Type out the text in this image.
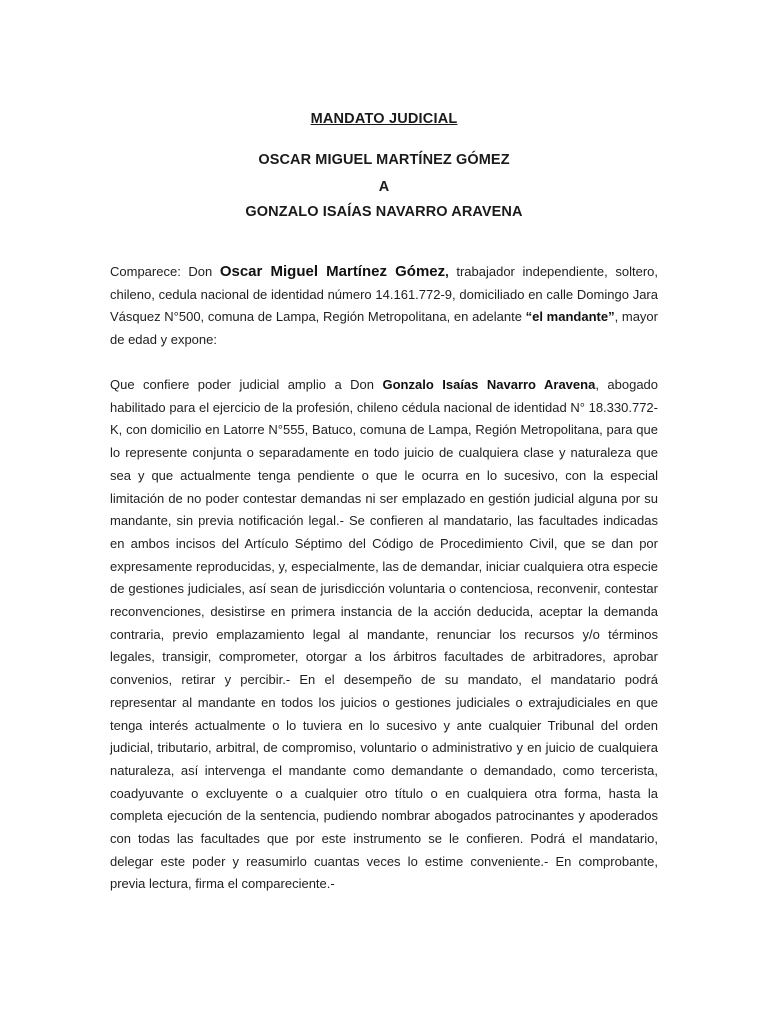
MANDATO JUDICIAL
OSCAR MIGUEL MARTÍNEZ GÓMEZ
A
GONZALO ISAÍAS NAVARRO ARAVENA

Comparece: Don Oscar Miguel Martínez Gómez, trabajador independiente, soltero, chileno, cedula nacional de identidad número 14.161.772-9, domiciliado en calle Domingo Jara Vásquez N°500, comuna de Lampa, Región Metropolitana, en adelante “el mandante”, mayor de edad y expone:

Que confiere poder judicial amplio a Don Gonzalo Isaías Navarro Aravena, abogado habilitado para el ejercicio de la profesión, chileno cédula nacional de identidad N° 18.330.772-K, con domicilio en Latorre N°555, Batuco, comuna de Lampa, Región Metropolitana, para que lo represente conjunta o separadamente en todo juicio de cualquiera clase y naturaleza que sea y que actualmente tenga pendiente o que le ocurra en lo sucesivo, con la especial limitación de no poder contestar demandas ni ser emplazado en gestión judicial alguna por su mandante, sin previa notificación legal.- Se confieren al mandatario, las facultades indicadas en ambos incisos del Artículo Séptimo del Código de Procedimiento Civil, que se dan por expresamente reproducidas, y, especialmente, las de demandar, iniciar cualquiera otra especie de gestiones judiciales, así sean de jurisdicción voluntaria o contenciosa, reconvenir, contestar reconvenciones, desistirse en primera instancia de la acción deducida, aceptar la demanda contraria, previo emplazamiento legal al mandante, renunciar los recursos y/o términos legales, transigir, comprometer, otorgar a los árbitros facultades de arbitradores, aprobar convenios, retirar y percibir.- En el desempeño de su mandato, el mandatario podrá representar al mandante en todos los juicios o gestiones judiciales o extrajudiciales en que tenga interés actualmente o lo tuviera en lo sucesivo y ante cualquier Tribunal del orden judicial, tributario, arbitral, de compromiso, voluntario o administrativo y en juicio de cualquiera naturaleza, así intervenga el mandante como demandante o demandado, como tercerista, coadyuvante o excluyente o a cualquier otro título o en cualquiera otra forma, hasta la completa ejecución de la sentencia, pudiendo nombrar abogados patrocinantes y apoderados con todas las facultades que por este instrumento se le confieren. Podrá el mandatario, delegar este poder y reasumirlo cuantas veces lo estime conveniente.- En comprobante, previa lectura, firma el compareciente.-
